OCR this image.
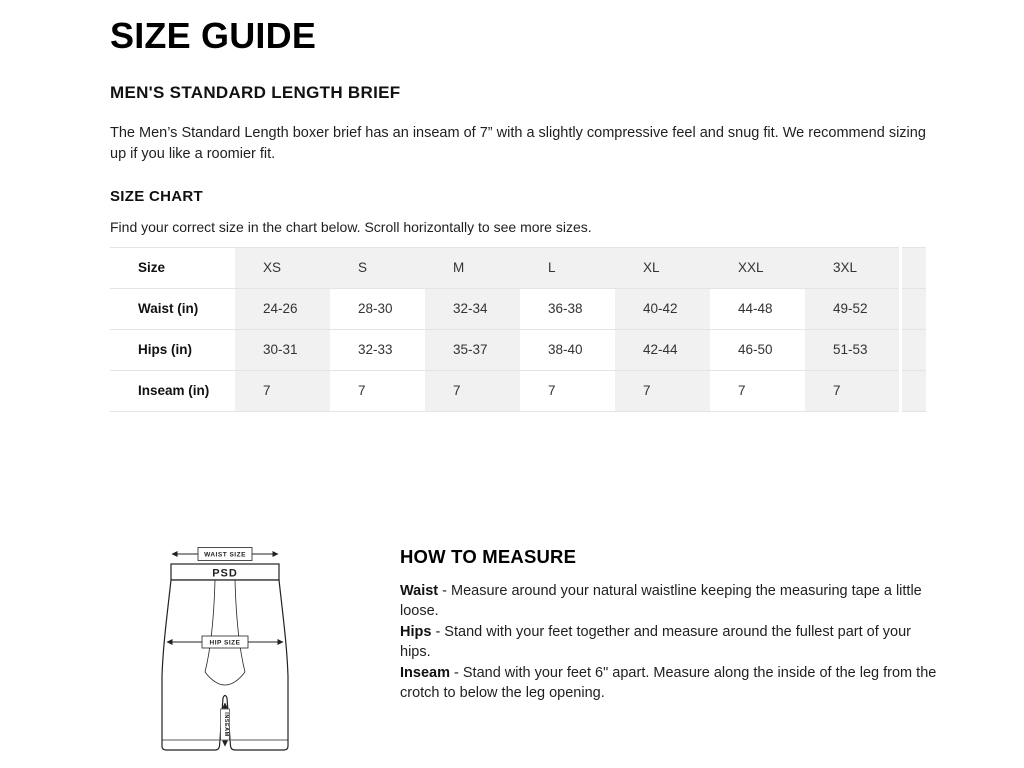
SIZE GUIDE
MEN'S STANDARD LENGTH BRIEF

The Men’s Standard Length boxer brief has an inseam of 7” with a slightly compressive feel and snug fit. We recommend sizing up if you like a roomier fit.

SIZE CHART

Find your correct size in the chart below. Scroll horizontally to see more sizes.

Size	XS	S	M	L	XL	XXL	3XL	
Waist (in)	24-26	28-30	32-34	36-38	40-42	44-48	49-52	
Hips (in)	30-31	32-33	35-37	38-40	42-44	46-50	51-53	
Inseam (in)	7	7	7	7	7	7	7	
WAIST SIZE
PSD
HIP SIZE
INSEAM
HOW TO MEASURE

Waist - Measure around your natural waistline keeping the measuring tape a little loose.

Hips - Stand with your feet together and measure around the fullest part of your hips.

Inseam - Stand with your feet 6" apart. Measure along the inside of the leg from the crotch to below the leg opening.
